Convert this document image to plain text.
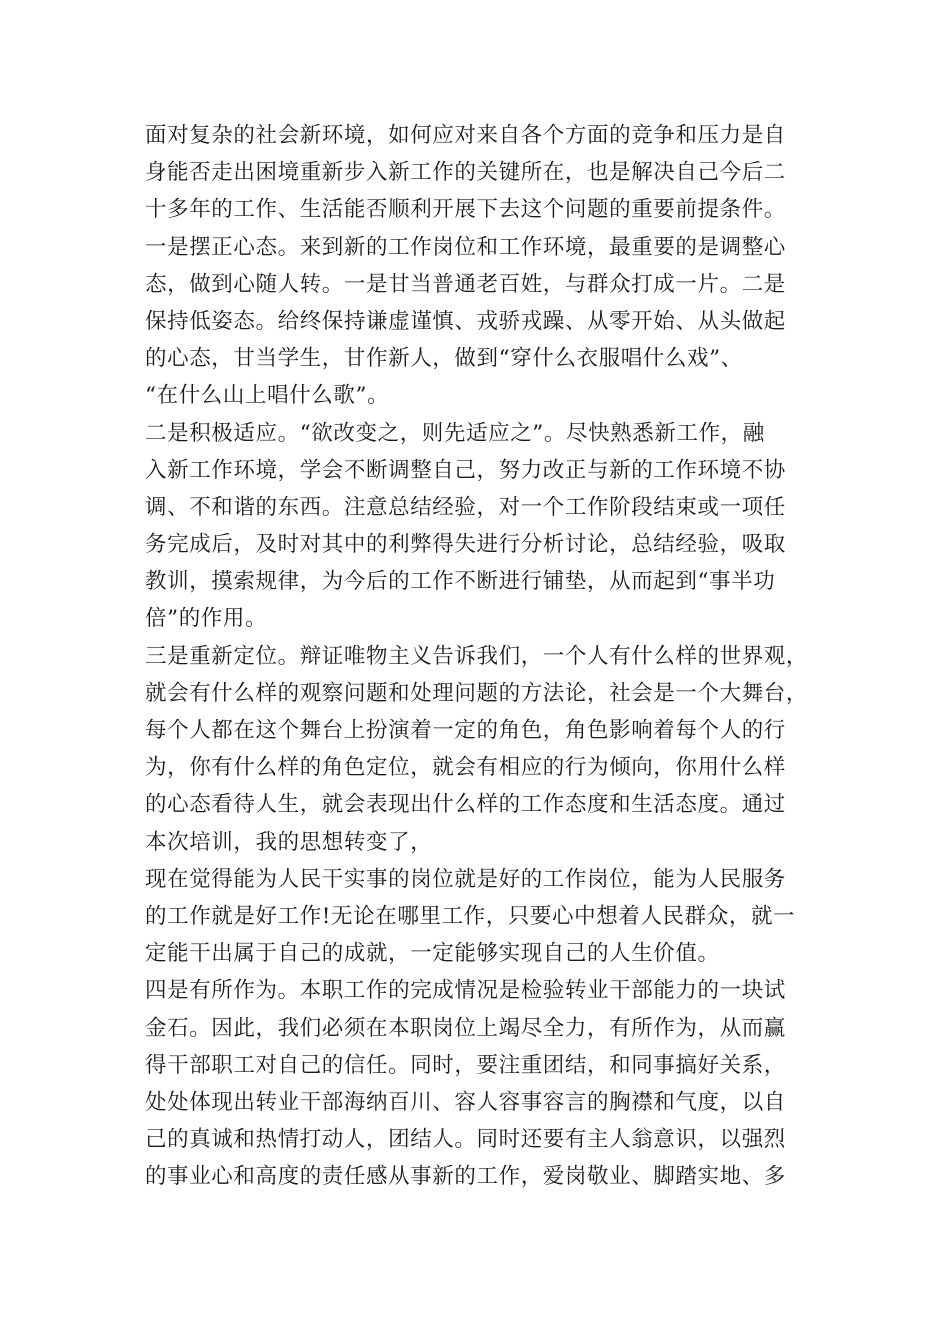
面对复杂的社会新环境，如何应对来自各个方面的竞争和压力是自
身能否走出困境重新步入新工作的关键所在，也是解决自己今后二
十多年的工作、生活能否顺利开展下去这个问题的重要前提条件。
一是摆正心态。来到新的工作岗位和工作环境，最重要的是调整心
态，做到心随人转。一是甘当普通老百姓，与群众打成一片。二是
保持低姿态。给终保持谦虚谨慎、戎骄戎躁、从零开始、从头做起
的心态，甘当学生，甘作新人，做到“穿什么衣服唱什么戏”、
“在什么山上唱什么歌”。
二是积极适应。“欲改变之，则先适应之”。尽快熟悉新工作，融
入新工作环境，学会不断调整自己，努力改正与新的工作环境不协
调、不和谐的东西。注意总结经验，对一个工作阶段结束或一项任
务完成后，及时对其中的利弊得失进行分析讨论，总结经验，吸取
教训，摸索规律，为今后的工作不断进行铺垫，从而起到“事半功
倍”的作用。
三是重新定位。辩证唯物主义告诉我们，一个人有什么样的世界观，
就会有什么样的观察问题和处理问题的方法论，社会是一个大舞台，
每个人都在这个舞台上扮演着一定的角色，角色影响着每个人的行
为，你有什么样的角色定位，就会有相应的行为倾向，你用什么样
的心态看待人生，就会表现出什么样的工作态度和生活态度。通过
本次培训，我的思想转变了，
现在觉得能为人民干实事的岗位就是好的工作岗位，能为人民服务
的工作就是好工作!无论在哪里工作，只要心中想着人民群众，就一
定能干出属于自己的成就，一定能够实现自己的人生价值。
四是有所作为。本职工作的完成情况是检验转业干部能力的一块试
金石。因此，我们必须在本职岗位上竭尽全力，有所作为，从而赢
得干部职工对自己的信任。同时，要注重团结，和同事搞好关系，
处处体现出转业干部海纳百川、容人容事容言的胸襟和气度，以自
己的真诚和热情打动人，团结人。同时还要有主人翁意识，以强烈
的事业心和高度的责任感从事新的工作，爱岗敬业、脚踏实地、多
